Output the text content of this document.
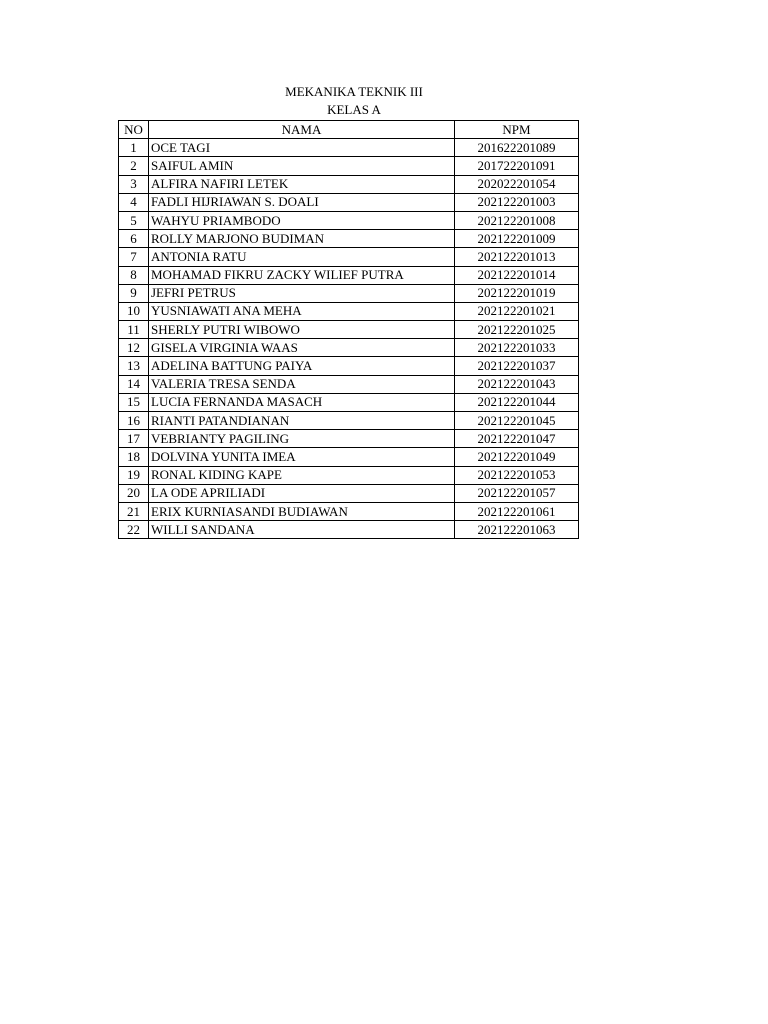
MEKANIKA TEKNIK III
KELAS A
NO	NAMA	NPM
1	OCE TAGI	201622201089
2	SAIFUL AMIN	201722201091
3	ALFIRA NAFIRI LETEK	202022201054
4	FADLI HIJRIAWAN S. DOALI	202122201003
5	WAHYU PRIAMBODO	202122201008
6	ROLLY MARJONO BUDIMAN	202122201009
7	ANTONIA RATU	202122201013
8	MOHAMAD FIKRU ZACKY WILIEF PUTRA	202122201014
9	JEFRI PETRUS	202122201019
10	YUSNIAWATI ANA MEHA	202122201021
11	SHERLY PUTRI WIBOWO	202122201025
12	GISELA VIRGINIA WAAS	202122201033
13	ADELINA BATTUNG PAIYA	202122201037
14	VALERIA TRESA SENDA	202122201043
15	LUCIA FERNANDA MASACH	202122201044
16	RIANTI PATANDIANAN	202122201045
17	VEBRIANTY PAGILING	202122201047
18	DOLVINA YUNITA IMEA	202122201049
19	RONAL KIDING KAPE	202122201053
20	LA ODE APRILIADI	202122201057
21	ERIX KURNIASANDI BUDIAWAN	202122201061
22	WILLI SANDANA	202122201063
